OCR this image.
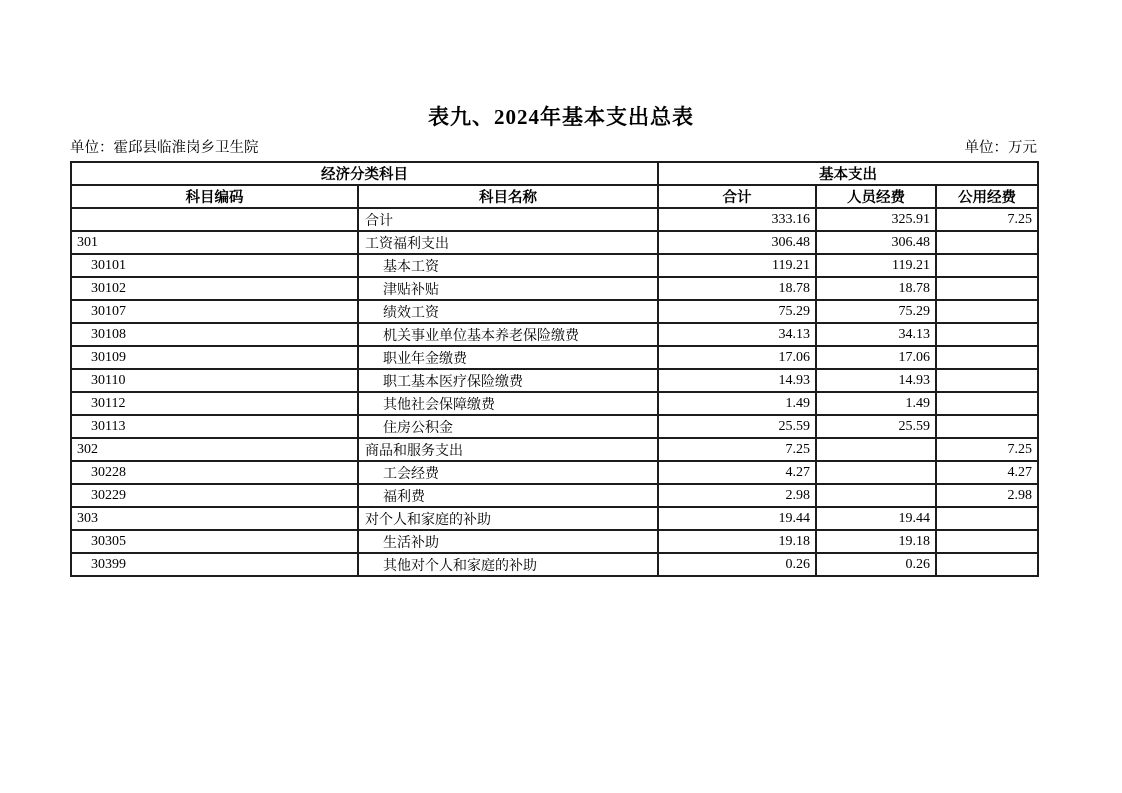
表九、2024年基本支出总表
单位：霍邱县临淮岗乡卫生院	单位：万元
经济分类科目		基本支出		
科目编码	科目名称	合计	人员经费	公用经费
	合计	333.16	325.91	7.25
301	工资福利支出	306.48	306.48	
30101	基本工资	119.21	119.21	
30102	津贴补贴	18.78	18.78	
30107	绩效工资	75.29	75.29	
30108	机关事业单位基本养老保险缴费	34.13	34.13	
30109	职业年金缴费	17.06	17.06	
30110	职工基本医疗保险缴费	14.93	14.93	
30112	其他社会保障缴费	1.49	1.49	
30113	住房公积金	25.59	25.59	
302	商品和服务支出	7.25		7.25
30228	工会经费	4.27		4.27
30229	福利费	2.98		2.98
303	对个人和家庭的补助	19.44	19.44	
30305	生活补助	19.18	19.18	
30399	其他对个人和家庭的补助	0.26	0.26	
